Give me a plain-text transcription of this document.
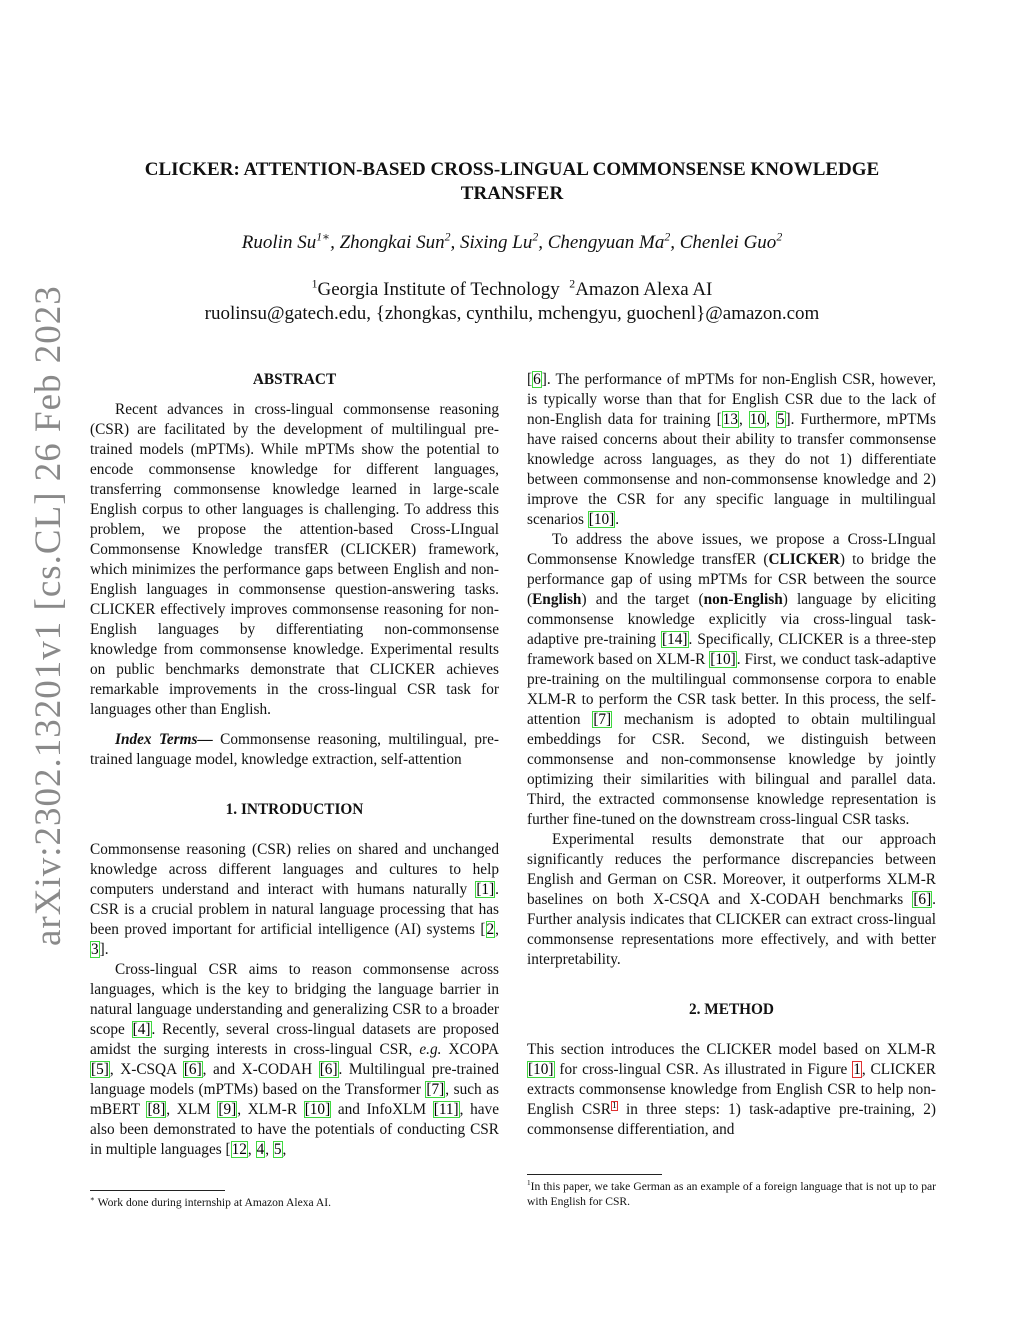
arXiv:2302.13201v1 [cs.CL] 26 Feb 2023
CLICKER: ATTENTION-BASED CROSS-LINGUAL COMMONSENSE KNOWLEDGE
TRANSFER
Ruolin $Su^{1∗}$, Zhongkai Sun$^2$, Sixing Lu$^2$, Chengyuan Ma$^2$, Chenlei Guo$^2$
$^1$Georgia Institute of Technology $^2$Amazon Alexa AI
ruolinsu@gatech.edu, {zhongkas, cynthilu, mchengyu, guochenl}@amazon.com

ABSTRACT

Recent advances in cross-lingual commonsense reasoning (CSR) are facilitated by the development of multilingual pre-trained models (mPTMs). While mPTMs show the potential to encode commonsense knowledge for different languages, transferring commonsense knowledge learned in large-scale English corpus to other languages is challenging. To address this problem, we propose the attention-based Cross-LIngual Commonsense Knowledge transfER (CLICKER) framework, which minimizes the performance gaps between English and non-English languages in commonsense question-answering tasks. CLICKER effectively improves commonsense reasoning for non-English languages by differentiating non-commonsense knowledge from commonsense knowledge. Experimental results on public benchmarks demonstrate that CLICKER achieves remarkable improvements in the cross-lingual CSR task for languages other than English.

Index Terms— Commonsense reasoning, multilingual, pre-trained language model, knowledge extraction, self-attention

1. INTRODUCTION

Commonsense reasoning (CSR) relies on shared and unchanged knowledge across different languages and cultures to help computers understand and interact with humans naturally [1]. CSR is a crucial problem in natural language processing that has been proved important for artificial intelligence (AI) systems [2, 3].

Cross-lingual CSR aims to reason commonsense across languages, which is the key to bridging the language barrier in natural language understanding and generalizing CSR to a broader scope [4]. Recently, several cross-lingual datasets are proposed amidst the surging interests in cross-lingual CSR, e.g. XCOPA [5], X-CSQA [6], and X-CODAH [6]. Multilingual pre-trained language models (mPTMs) based on the Transformer [7], such as mBERT [8], XLM [9], XLM-R [10] and InfoXLM [11], have also been demonstrated to have the potentials of conducting CSR in multiple languages [12, 4, 5,

∗ Work done during internship at Amazon Alexa AI.

[6]. The performance of mPTMs for non-English CSR, however, is typically worse than that for English CSR due to the lack of non-English data for training [13, 10, 5]. Furthermore, mPTMs have raised concerns about their ability to transfer commonsense knowledge across languages, as they do not 1) differentiate between commonsense and non-commonsense knowledge and 2) improve the CSR for any specific language in multilingual scenarios [10].

To address the above issues, we propose a Cross-LIngual Commonsense Knowledge transfER (CLICKER) to bridge the performance gap of using mPTMs for CSR between the source (English) and the target (non-English) language by eliciting commonsense knowledge explicitly via cross-lingual task-adaptive pre-training [14]. Specifically, CLICKER is a three-step framework based on XLM-R [10]. First, we conduct task-adaptive pre-training on the multilingual commonsense corpora to enable XLM-R to perform the CSR task better. In this process, the self-attention [7] mechanism is adopted to obtain multilingual embeddings for CSR. Second, we distinguish between commonsense and non-commonsense knowledge by jointly optimizing their similarities with bilingual and parallel data. Third, the extracted commonsense knowledge representation is further fine-tuned on the downstream cross-lingual CSR tasks.

Experimental results demonstrate that our approach significantly reduces the performance discrepancies between English and German on CSR. Moreover, it outperforms XLM-R baselines on both X-CSQA and X-CODAH benchmarks [6]. Further analysis indicates that CLICKER can extract cross-lingual commonsense representations more effectively, and with better interpretability.

2. METHOD

This section introduces the CLICKER model based on XLM-R [10] for cross-lingual CSR. As illustrated in Figure 1, CLICKER extracts commonsense knowledge from English CSR to help non-English CSR$^1$ in three steps: 1) task-adaptive pre-training, 2) commonsense differentiation, and

$^1$In this paper, we take German as an example of a foreign language that is not up to par with English for CSR.
